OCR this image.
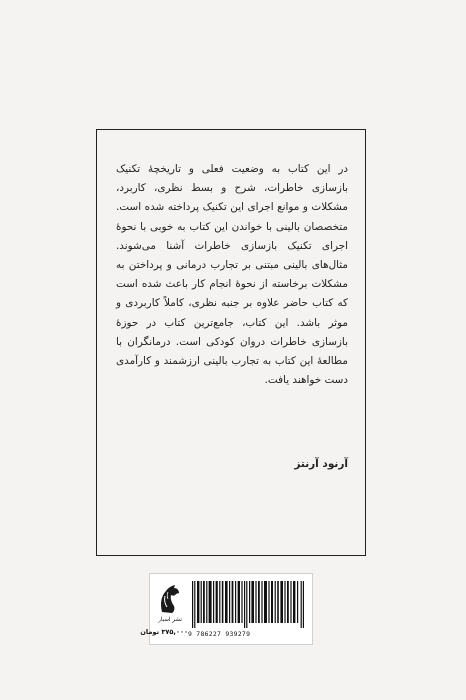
در این کتاب به وضعیت فعلی و تاریخچۀ تکنیک بازسازی خاطرات، شرح و بسط نظری، کاربرد، مشکلات و موانع اجرای این تکنیک پرداخته شده است. متخصصان بالینی با خواندن این کتاب به خوبی با نحوۀ اجرای تکنیک بازسازی خاطرات آشنا می‌شوند. مثال‌های بالینی مبتنی بر تجارب درمانی و پرداختن به مشکلات برخاسته از نحوۀ انجام کار باعث شده است که کتاب حاضر علاوه بر جنبه نظری، کاملاً کاربردی و موثر باشد. این کتاب، جامع‌ترین کتاب در حوزۀ بازسازی خاطرات دروان کودکی است. درمانگران با مطالعۀ این کتاب به تجارب بالینی ارزشمند و کارآمدی دست خواهند یافت.

آرنود آرنتز
نشر اسبار
۳۷۵,۰۰۰ تومان 9 786227 939279
